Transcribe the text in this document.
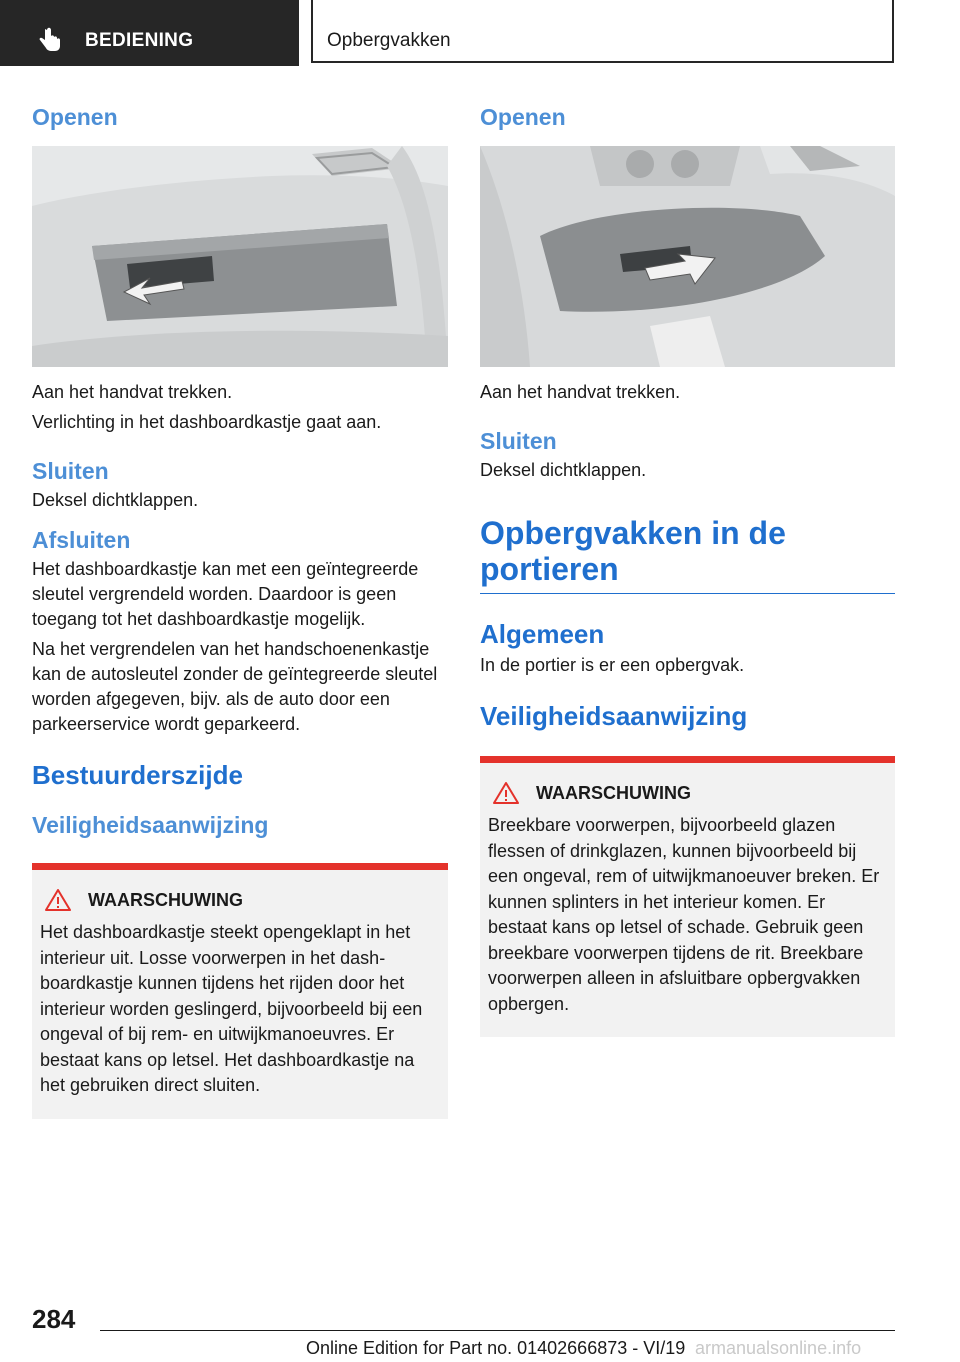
BEDIENING	Opbergvakken
Openen

Aan het handvat trekken.

Verlichting in het dashboardkastje gaat aan.

Sluiten

Deksel dichtklappen.

Afsluiten

Het dashboardkastje kan met een geïntegreerde sleutel vergrendeld worden. Daardoor is geen toegang tot het dashboardkastje mogelijk.

Na het vergrendelen van het handschoenenkastje kan de autosleutel zonder de geïntegreerde sleutel worden afgegeven, bijv. als de auto door een parkeerservice wordt geparkeerd.

Bestuurderszijde
Veiligheidsaanwijzing
WAARSCHUWING

Het dashboardkastje steekt opengeklapt in het interieur uit. Losse voorwerpen in het dashboardkastje kunnen tijdens het rijden door het interieur worden geslingerd, bijvoorbeeld bij een ongeval of bij rem- en uitwijkmanoeuvres. Er bestaat kans op letsel. Het dashboardkastje na het gebruiken direct sluiten.

Openen

Aan het handvat trekken.

Sluiten

Deksel dichtklappen.

Opbergvakken in de portieren
Algemeen

In de portier is er een opbergvak.

Veiligheidsaanwijzing
WAARSCHUWING

Breekbare voorwerpen, bijvoorbeeld glazen flessen of drinkglazen, kunnen bijvoorbeeld bij een ongeval, rem of uitwijkmanoeuver breken. Er kunnen splinters in het interieur komen. Er bestaat kans op letsel of schade. Gebruik geen breekbare voorwerpen tijdens de rit. Breekbare voorwerpen alleen in afsluitbare opbergvakken opbergen.

284
Online Edition for Part no. 01402666873 - VI/19 armanualsonline.info
